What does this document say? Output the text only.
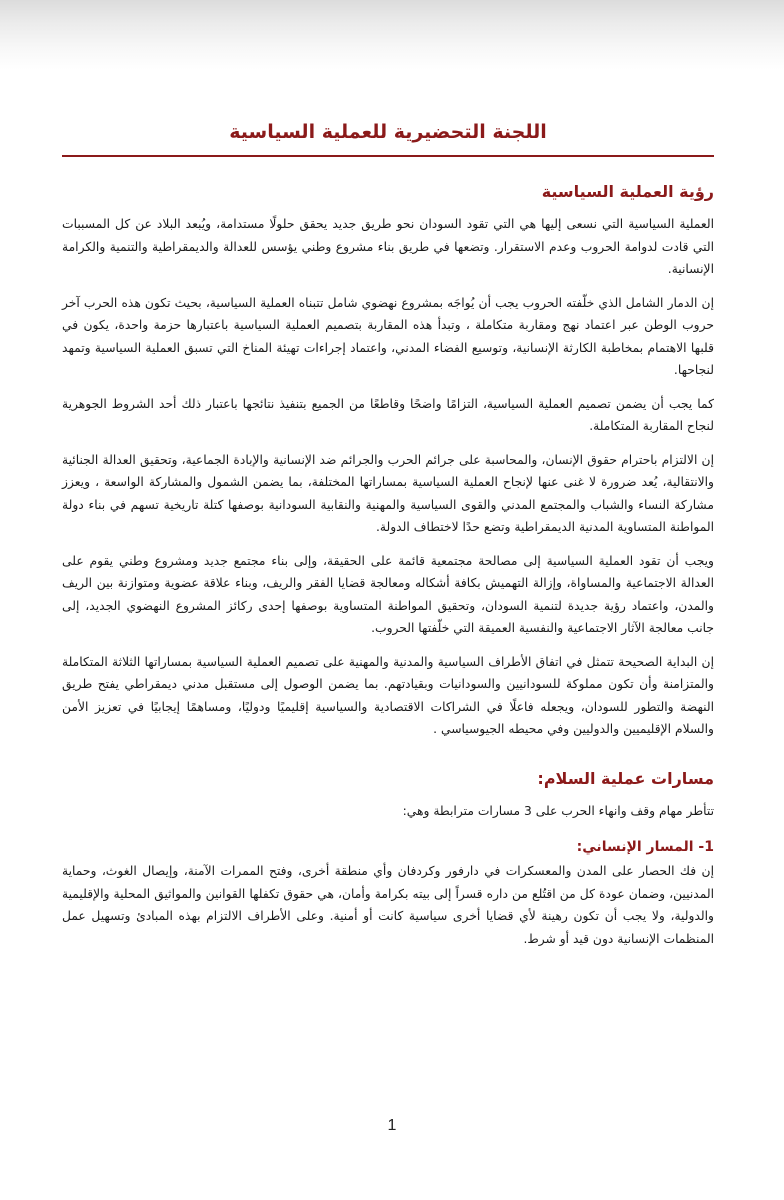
اللجنة التحضيرية للعملية السياسية
رؤية العملية السياسية

العملية السياسية التي نسعى إليها هي التي تقود السودان نحو طريق جديد يحقق حلولًا مستدامة، ويُبعد البلاد عن كل المسببات التي قادت لدوامة الحروب وعدم الاستقرار. وتضعها في طريق بناء مشروع وطني يؤسس للعدالة والديمقراطية والتنمية والكرامة الإنسانية.

إن الدمار الشامل الذي خلّفته الحروب يجب أن يُواجَه بمشروع نهضوي شامل تتبناه العملية السياسية، بحيث تكون هذه الحرب آخر حروب الوطن عبر اعتماد نهج ومقاربة متكاملة ، وتبدأ هذه المقاربة بتصميم العملية السياسية باعتبارها حزمة واحدة، يكون في قلبها الاهتمام بمخاطبة الكارثة الإنسانية، وتوسيع الفضاء المدني، واعتماد إجراءات تهيئة المناخ التي تسبق العملية السياسية وتمهد لنجاحها.

كما يجب أن يضمن تصميم العملية السياسية، التزامًا واضحًا وقاطعًا من الجميع بتنفيذ نتائجها باعتبار ذلك أحد الشروط الجوهرية لنجاح المقاربة المتكاملة.

إن الالتزام باحترام حقوق الإنسان، والمحاسبة على جرائم الحرب والجرائم ضد الإنسانية والإبادة الجماعية، وتحقيق العدالة الجنائية والانتقالية، يُعد ضرورة لا غنى عنها لإنجاح العملية السياسية بمساراتها المختلفة، بما يضمن الشمول والمشاركة الواسعة ، ويعزز مشاركة النساء والشباب والمجتمع المدني والقوى السياسية والمهنية والنقابية السودانية بوصفها كتلة تاريخية تسهم في بناء دولة المواطنة المتساوية المدنية الديمقراطية وتضع حدًا لاختطاف الدولة.

ويجب أن تقود العملية السياسية إلى مصالحة مجتمعية قائمة على الحقيقة، وإلى بناء مجتمع جديد ومشروع وطني يقوم على العدالة الاجتماعية والمساواة، وإزالة التهميش بكافة أشكاله ومعالجة قضايا الفقر والريف، وبناء علاقة عضوية ومتوازنة بين الريف والمدن، واعتماد رؤية جديدة لتنمية السودان، وتحقيق المواطنة المتساوية بوصفها إحدى ركائز المشروع النهضوي الجديد، إلى جانب معالجة الآثار الاجتماعية والنفسية العميقة التي خلّفتها الحروب.

إن البداية الصحيحة تتمثل في اتفاق الأطراف السياسية والمدنية والمهنية على تصميم العملية السياسية بمساراتها الثلاثة المتكاملة والمتزامنة وأن تكون مملوكة للسودانيين والسودانيات وبقيادتهم. بما يضمن الوصول إلى مستقبل مدني ديمقراطي يفتح طريق النهضة والتطور للسودان، ويجعله فاعلًا في الشراكات الاقتصادية والسياسية إقليميًا ودوليًا، ومساهمًا إيجابيًا في تعزيز الأمن والسلام الإقليميين والدوليين وفي محيطه الجيوسياسي .

مسارات عملية السلام:

تتأطر مهام وقف وانهاء الحرب على 3 مسارات مترابطة وهي:

1- المسار الإنساني:

إن فك الحصار على المدن والمعسكرات في دارفور وكردفان وأي منطقة أخرى، وفتح الممرات الآمنة، وإيصال الغوث، وحماية المدنيين، وضمان عودة كل من اقتُلع من داره قسراً إلى بيته بكرامة وأمان، هي حقوق تكفلها القوانين والمواثيق المحلية والإقليمية والدولية، ولا يجب أن تكون رهينة لأي قضايا أخرى سياسية كانت أو أمنية. وعلى الأطراف الالتزام بهذه المبادئ وتسهيل عمل المنظمات الإنسانية دون قيد أو شرط.

1
